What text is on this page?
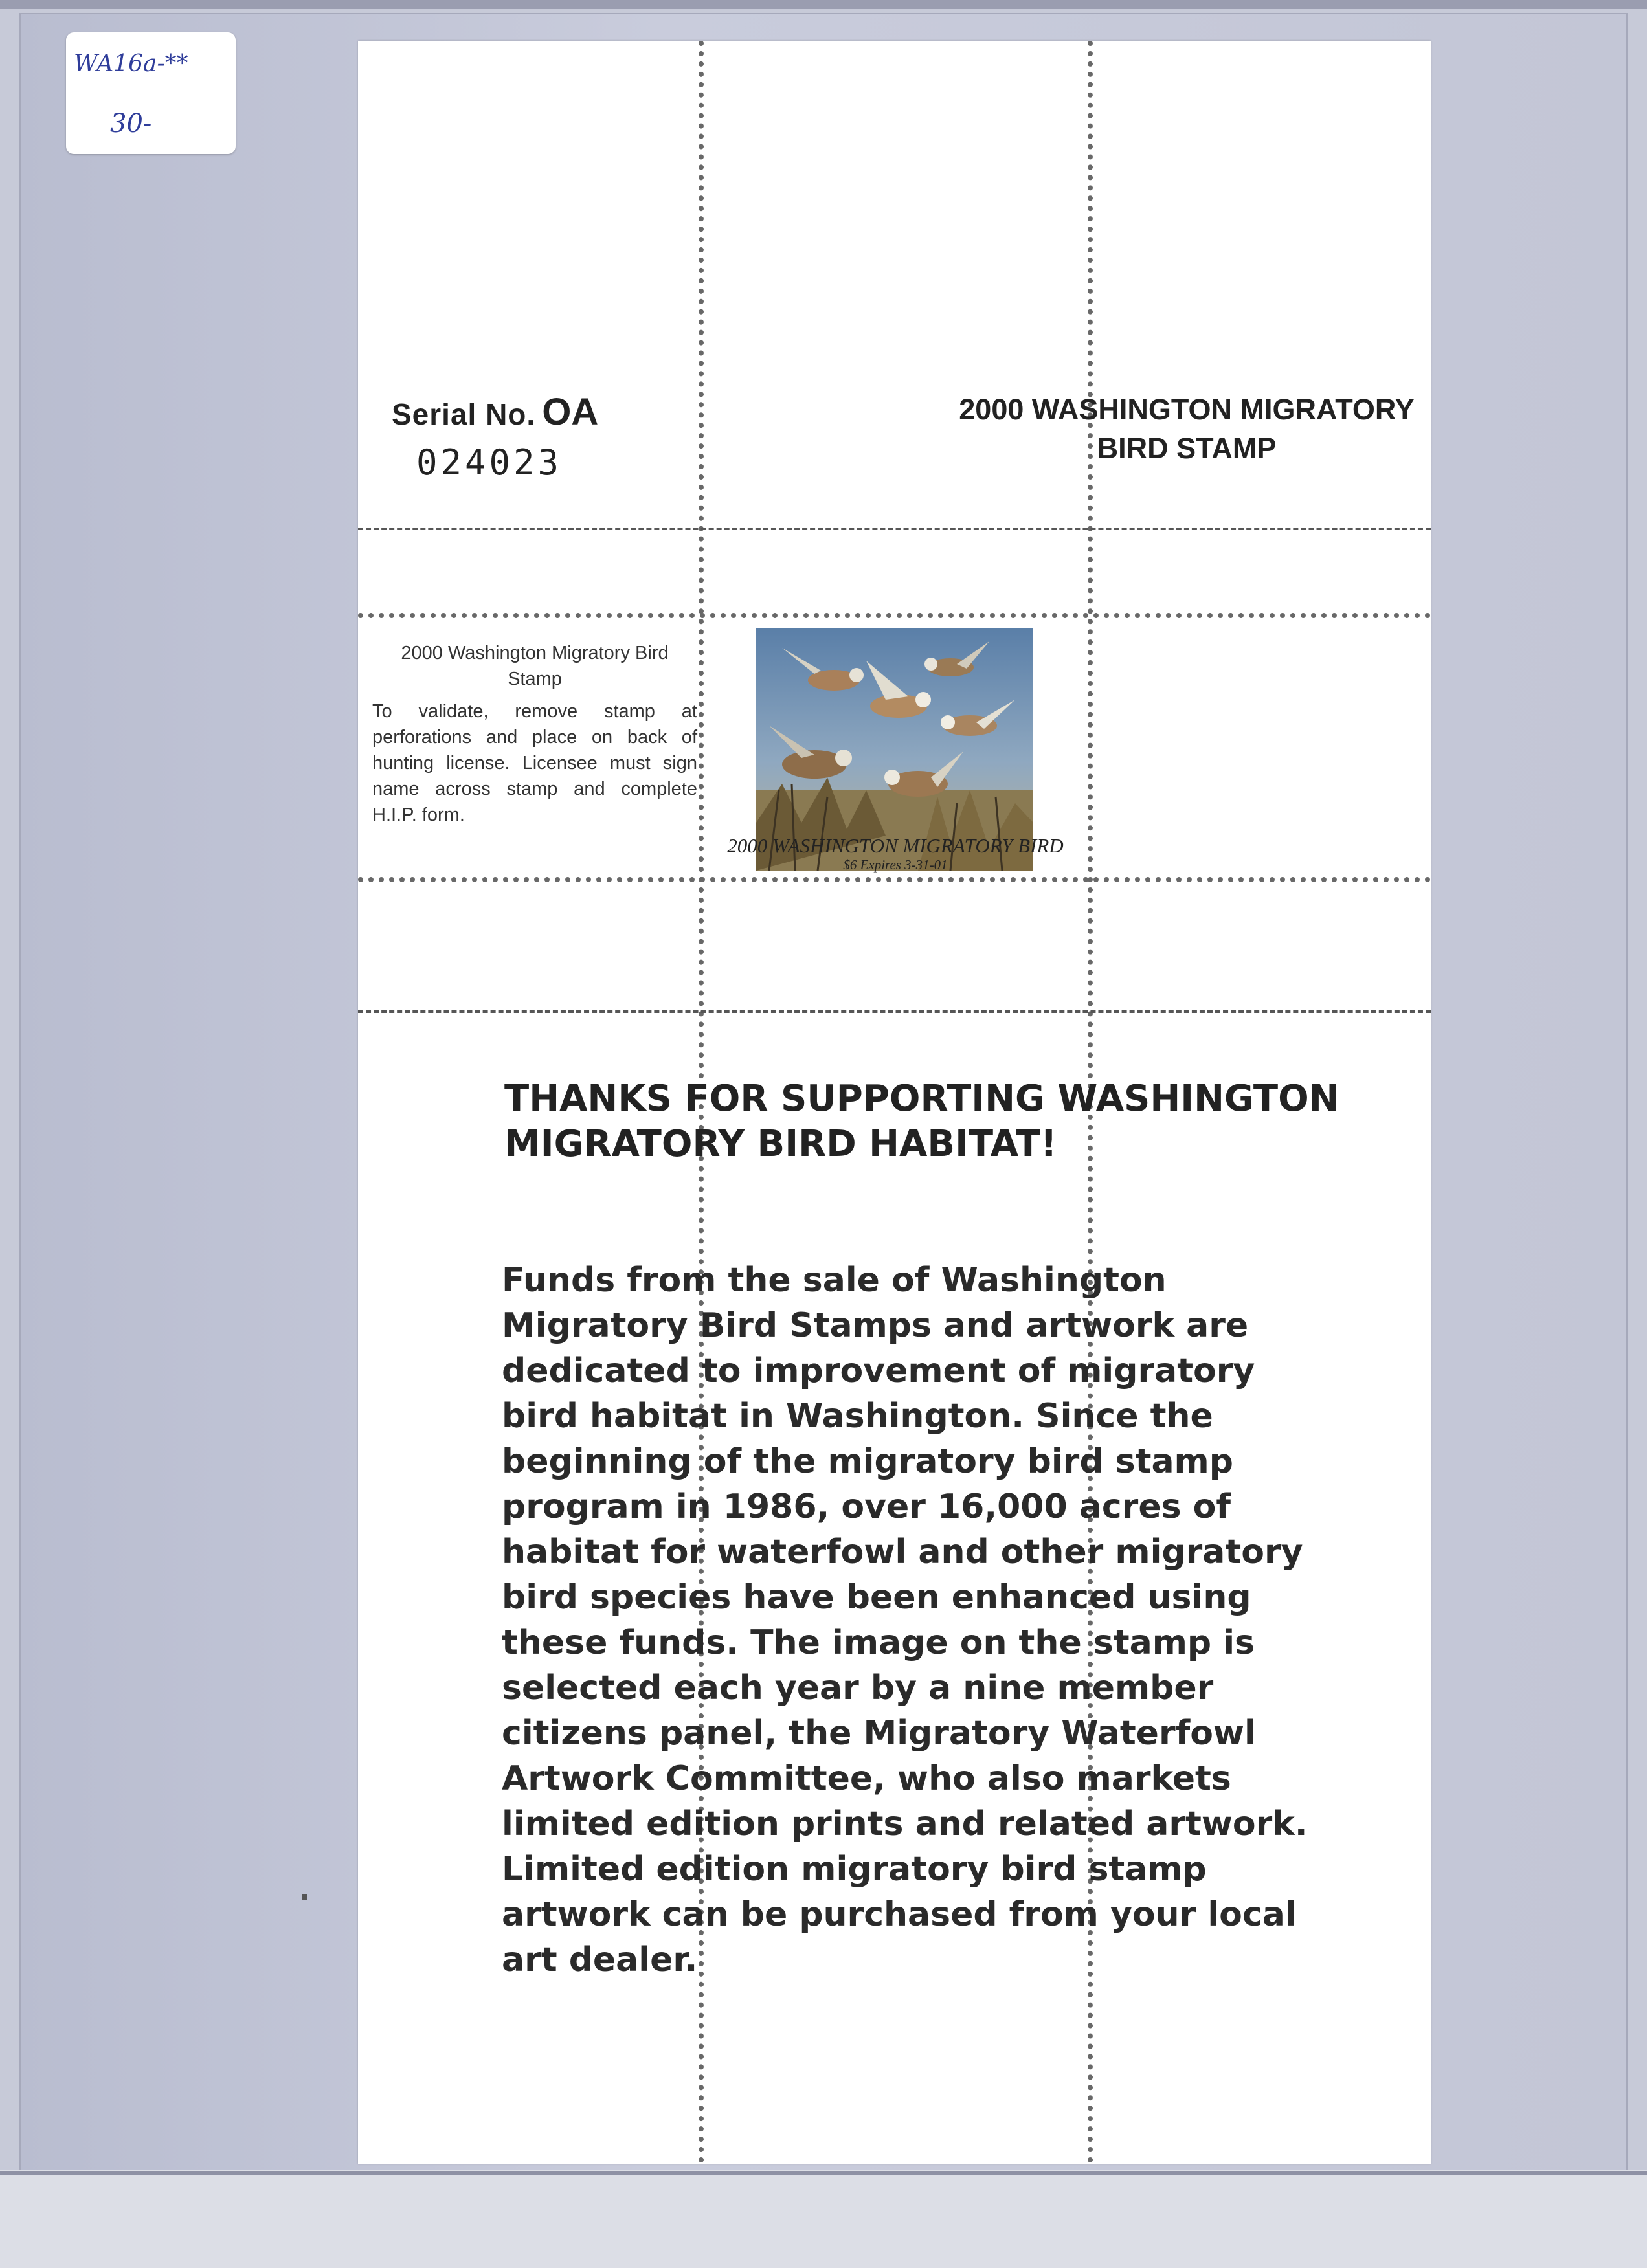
WA16a-**
30-
Serial No. OA
024023
2000 WASHINGTON MIGRATORY
BIRD STAMP
2000 Washington Migratory Bird Stamp
To validate, remove stamp at perforations and place on back of hunting license. Licensee must sign name across stamp and complete H.I.P. form.
2000 WASHINGTON MIGRATORY BIRD
$6 Expires 3-31-01
THANKS FOR SUPPORTING WASHINGTON MIGRATORY BIRD HABITAT!
Funds from the sale of Washington Migratory Bird Stamps and artwork are dedicated to improvement of migratory bird habitat in Washington. Since the beginning of the migratory bird stamp program in 1986, over 16,000 acres of habitat for waterfowl and other migratory bird species have been enhanced using these funds. The image on the stamp is selected each year by a nine member citizens panel, the Migratory Waterfowl Artwork Committee, who also markets limited edition prints and related artwork. Limited edition migratory bird stamp artwork can be purchased from your local art dealer.
